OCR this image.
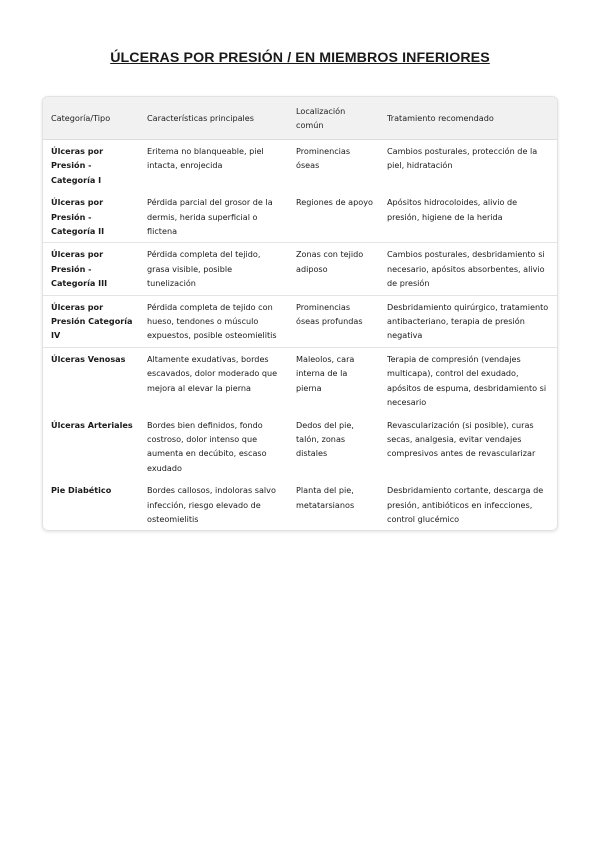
ÚLCERAS POR PRESIÓN / EN MIEMBROS INFERIORES
Categoría/Tipo	Características principales	Localización común	Tratamiento recomendado
Úlceras por Presión - Categoría I	Eritema no blanqueable, piel intacta, enrojecida	Prominencias óseas	Cambios posturales, protección de la piel, hidratación
Úlceras por Presión - Categoría II	Pérdida parcial del grosor de la dermis, herida superficial o flictena	Regiones de apoyo	Apósitos hidrocoloides, alivio de presión, higiene de la herida
Úlceras por Presión - Categoría III	Pérdida completa del tejido, grasa visible, posible tunelización	Zonas con tejido adiposo	Cambios posturales, desbridamiento si necesario, apósitos absorbentes, alivio de presión
Úlceras por Presión Categoría IV	Pérdida completa de tejido con hueso, tendones o músculo expuestos, posible osteomielitis	Prominencias óseas profundas	Desbridamiento quirúrgico, tratamiento antibacteriano, terapia de presión negativa
Úlceras Venosas	Altamente exudativas, bordes escavados, dolor moderado que mejora al elevar la pierna	Maleolos, cara interna de la pierna	Terapia de compresión (vendajes multicapa), control del exudado, apósitos de espuma, desbridamiento si necesario
Úlceras Arteriales	Bordes bien definidos, fondo costroso, dolor intenso que aumenta en decúbito, escaso exudado	Dedos del pie, talón, zonas distales	Revascularización (si posible), curas secas, analgesia, evitar vendajes compresivos antes de revascularizar
Pie Diabético	Bordes callosos, indoloras salvo infección, riesgo elevado de osteomielitis	Planta del pie, metatarsianos	Desbridamiento cortante, descarga de presión, antibióticos en infecciones, control glucémico
